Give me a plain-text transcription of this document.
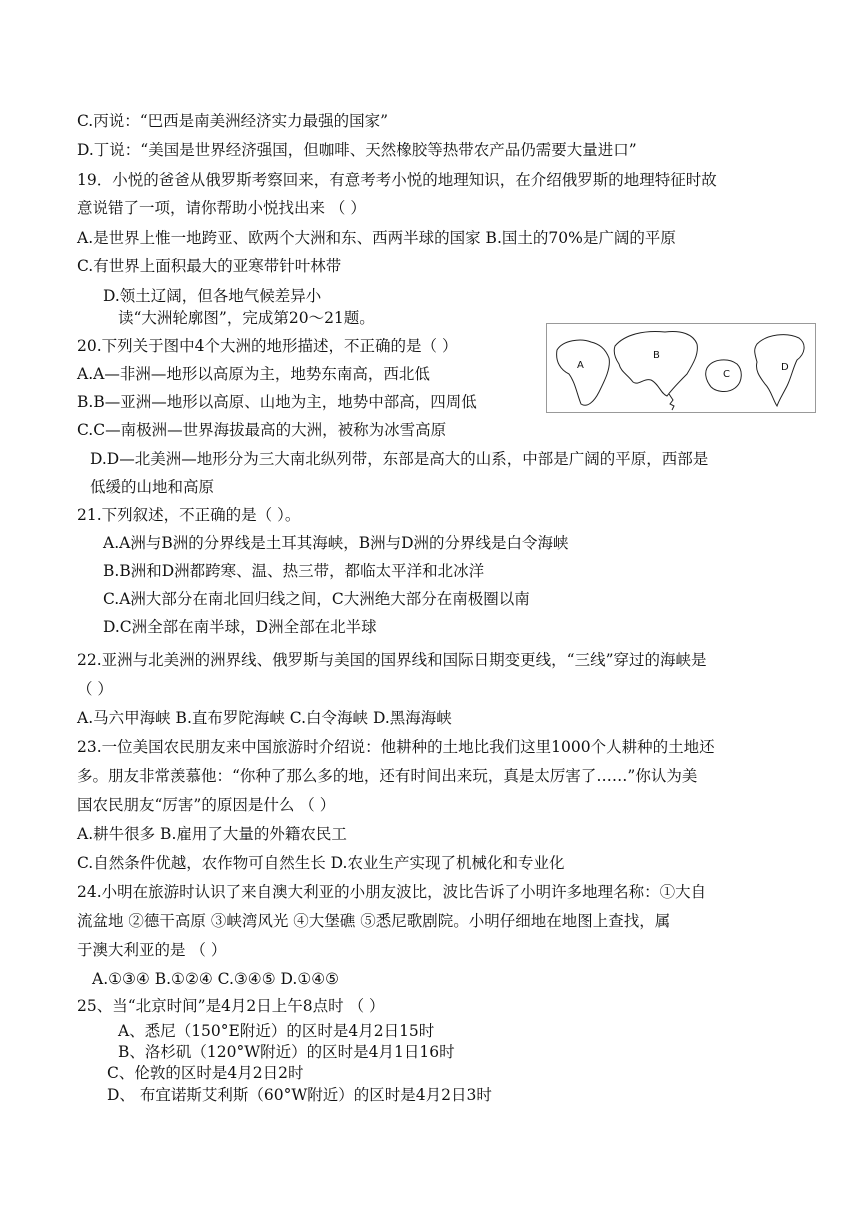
C.丙说：“巴西是南美洲经济实力最强的国家”
D.丁说：“美国是世界经济强国，但咖啡、天然橡胶等热带农产品仍需要大量进口”
19．小悦的爸爸从俄罗斯考察回来，有意考考小悦的地理知识，在介绍俄罗斯的地理特征时故
意说错了一项，请你帮助小悦找出来 （ ）
A.是世界上惟一地跨亚、欧两个大洲和东、西两半球的国家 B.国土的70%是广阔的平原
C.有世界上面积最大的亚寒带针叶林带
D.领土辽阔，但各地气候差异小
读“大洲轮廓图”，完成第20～21题。
20.下列关于图中4个大洲的地形描述，不正确的是（ ）
A.A—非洲—地形以高原为主，地势东南高，西北低
B.B—亚洲—地形以高原、山地为主，地势中部高，四周低
C.C—南极洲—世界海拔最高的大洲，被称为冰雪高原
D.D—北美洲—地形分为三大南北纵列带，东部是高大的山系，中部是广阔的平原，西部是
低缓的山地和高原
21.下列叙述，不正确的是（ ）。
A.A洲与B洲的分界线是土耳其海峡，B洲与D洲的分界线是白令海峡
B.B洲和D洲都跨寒、温、热三带，都临太平洋和北冰洋
C.A洲大部分在南北回归线之间，C大洲绝大部分在南极圈以南
D.C洲全部在南半球，D洲全部在北半球
22.亚洲与北美洲的洲界线、俄罗斯与美国的国界线和国际日期变更线，“三线”穿过的海峡是
（ ）
A.马六甲海峡 B.直布罗陀海峡 C.白令海峡 D.黑海海峡
23.一位美国农民朋友来中国旅游时介绍说：他耕种的土地比我们这里1000个人耕种的土地还
多。朋友非常羡慕他：“你种了那么多的地，还有时间出来玩，真是太厉害了……”你认为美
国农民朋友“厉害”的原因是什么 （ ）
A.耕牛很多 B.雇用了大量的外籍农民工
C.自然条件优越，农作物可自然生长 D.农业生产实现了机械化和专业化
24.小明在旅游时认识了来自澳大利亚的小朋友波比，波比告诉了小明许多地理名称：①大自
流盆地 ②德干高原 ③峡湾风光 ④大堡礁 ⑤悉尼歌剧院。小明仔细地在地图上查找，属
于澳大利亚的是 （ ）
A.①③④ B.①②④ C.③④⑤ D.①④⑤
25、当“北京时间”是4月2日上午8点时 （ ）
A、悉尼（150°E附近）的区时是4月2日15时
B、洛杉矶（120°W附近）的区时是4月1日16时
C、伦敦的区时是4月2日2时
D、 布宜诺斯艾利斯（60°W附近）的区时是4月2日3时
A
B
C
D
